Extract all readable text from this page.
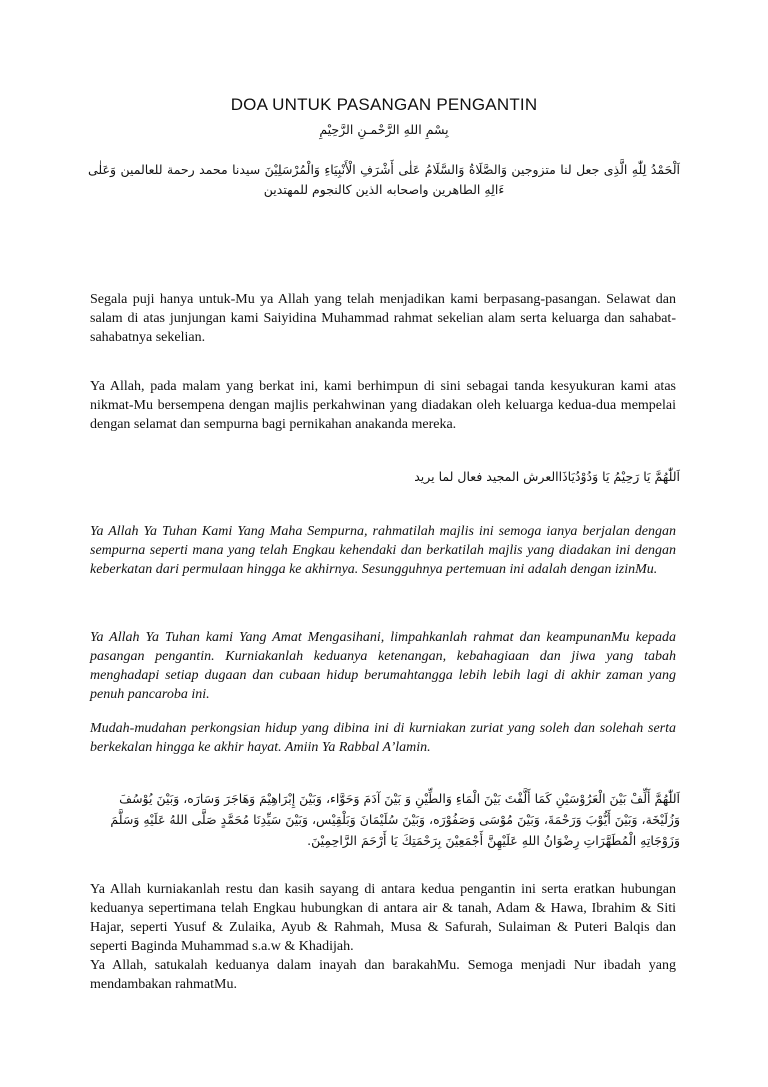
DOA UNTUK PASANGAN PENGANTIN
بِسْمِ اللهِ الرَّحْمـنِ الرَّحِيْمِ
اَلْحَمْدُ لِلّٰهِ الَّذِى جعل لنا متزوجين وَالصَّلَاةُ وَالسَّلَامُ عَلٰى أَشْرَفِ الْأَنْبِيَاءِ وَالْمُرْسَلِيْنَ سيدنا محمد رحمة للعالمين وَعَلٰى ءَالِهِ الطاهرين واصحابه الذين كالنجوم للمهتدين

Segala puji hanya untuk-Mu ya Allah yang telah menjadikan kami berpasang-pasangan. Selawat dan salam di atas junjungan kami Saiyidina Muhammad rahmat sekelian alam serta keluarga dan sahabat-sahabatnya sekelian.

Ya Allah, pada malam yang berkat ini, kami berhimpun di sini sebagai tanda kesyukuran kami atas nikmat-Mu bersempena dengan majlis perkahwinan yang diadakan oleh keluarga kedua-dua mempelai dengan selamat dan sempurna bagi pernikahan anakanda mereka.

اَللّٰهُمَّ يَا رَحِيْمُ يَا وَدُوْدُيَاذَاالعرش المجيد فعال لما يريد

Ya Allah Ya Tuhan Kami Yang Maha Sempurna, rahmatilah majlis ini semoga ianya berjalan dengan sempurna seperti mana yang telah Engkau kehendaki dan berkatilah majlis yang diadakan ini dengan keberkatan dari permulaan hingga ke akhirnya. Sesungguhnya pertemuan ini adalah dengan izinMu.

Ya Allah Ya Tuhan kami Yang Amat Mengasihani, limpahkanlah rahmat dan keampunanMu kepada pasangan pengantin. Kurniakanlah keduanya ketenangan, kebahagiaan dan jiwa yang tabah menghadapi setiap dugaan dan cubaan hidup berumahtangga lebih lebih lagi di akhir zaman yang penuh pancaroba ini.

Mudah-mudahan perkongsian hidup yang dibina ini di kurniakan zuriat yang soleh dan solehah serta berkekalan hingga ke akhir hayat. Amiin Ya Rabbal A’lamin.

اَللّٰهُمَّ أَلِّفْ بَيْنَ الْعَرُوْسَيْنِ كَمَا أَلَّفْتَ بَيْنَ الْمَاءِ وَالطِّيْنِ وَ بَيْنَ آدَمَ وَحَوَّاء، وَبَيْنَ إِبْرَاهِيْمَ وَهَاجَرَ وَسَارَه، وَبَيْنَ يُوْسُفَ وَزُلَيْخَة، وَبَيْنَ أَيُّوْبَ وَرَحْمَةَ، وَبَيْنَ مُوْسَى وَصَفُوْرَه، وَبَيْنَ سُلَيْمَانَ وَبَلْقِيْس، وَبَيْنَ سَيِّدِنَا مُحَمَّدٍ صَلَّى اللهُ عَلَيْهِ وَسَلَّمَ وَزَوْجَاتِهِ الْمُطَهَّرَاتِ رِضْوَانُ اللهِ عَلَيْهِنَّ أَجْمَعِيْنَ بِرَحْمَتِكَ يَا أَرْحَمَ الرَّاحِمِيْنَ.

Ya Allah kurniakanlah restu dan kasih sayang di antara kedua pengantin ini serta eratkan hubungan keduanya sepertimana telah Engkau hubungkan di antara air & tanah, Adam & Hawa, Ibrahim & Siti Hajar, seperti Yusuf & Zulaika, Ayub & Rahmah, Musa & Safurah, Sulaiman & Puteri Balqis dan seperti Baginda Muhammad s.a.w & Khadijah.

Ya Allah, satukalah keduanya dalam inayah dan barakahMu. Semoga menjadi Nur ibadah yang mendambakan rahmatMu.
